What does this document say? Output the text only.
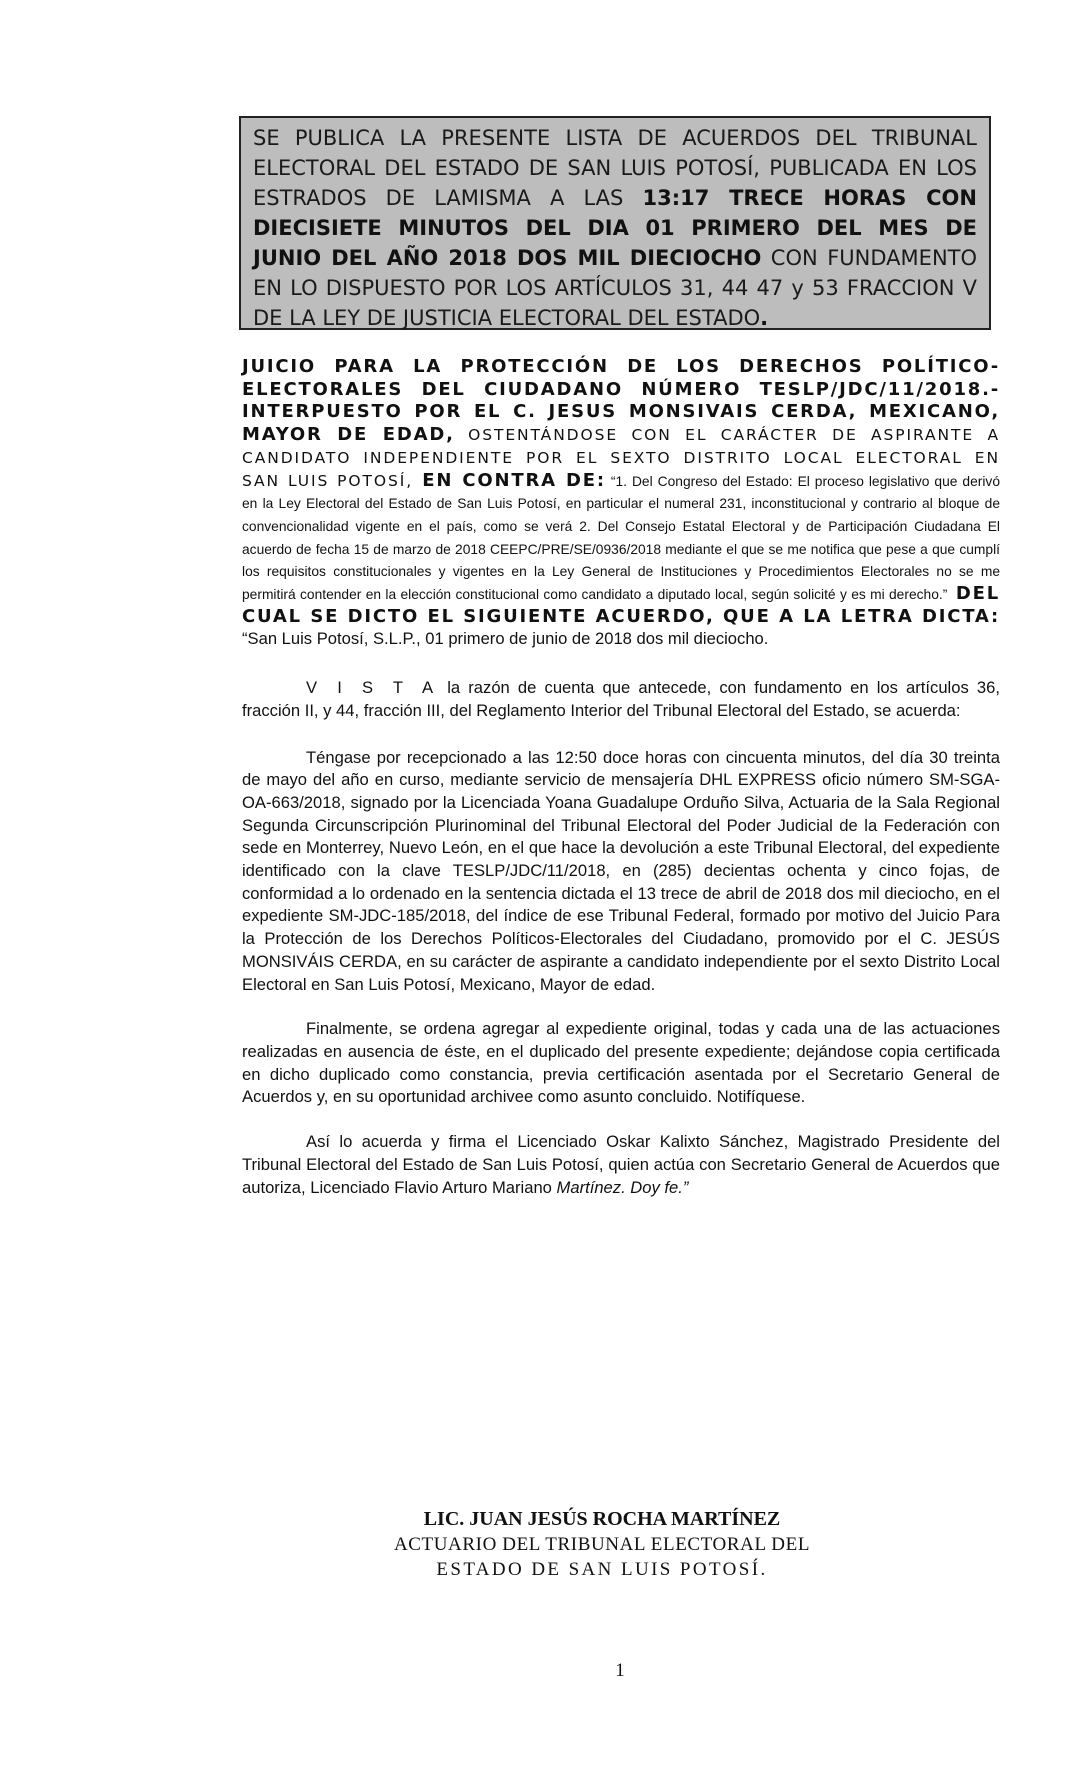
SE PUBLICA LA PRESENTE LISTA DE ACUERDOS DEL TRIBUNAL ELECTORAL DEL ESTADO DE SAN LUIS POTOSÍ, PUBLICADA EN LOS ESTRADOS DE LAMISMA A LAS 13:17 TRECE HORAS CON DIECISIETE MINUTOS DEL DIA 01 PRIMERO DEL MES DE JUNIO DEL AÑO 2018 DOS MIL DIECIOCHO CON FUNDAMENTO EN LO DISPUESTO POR LOS ARTÍCULOS 31, 44 47 y 53 FRACCION V DE LA LEY DE JUSTICIA ELECTORAL DEL ESTADO.

JUICIO PARA LA PROTECCIÓN DE LOS DERECHOS POLÍTICO-ELECTORALES DEL CIUDADANO NÚMERO TESLP/JDC/11/2018.- INTERPUESTO POR EL C. JESUS MONSIVAIS CERDA, MEXICANO, MAYOR DE EDAD, OSTENTÁNDOSE CON EL CARÁCTER DE ASPIRANTE A CANDIDATO INDEPENDIENTE POR EL SEXTO DISTRITO LOCAL ELECTORAL EN SAN LUIS POTOSÍ, EN CONTRA DE: “1. Del Congreso del Estado: El proceso legislativo que derivó en la Ley Electoral del Estado de San Luis Potosí, en particular el numeral 231, inconstitucional y contrario al bloque de convencionalidad vigente en el país, como se verá 2. Del Consejo Estatal Electoral y de Participación Ciudadana El acuerdo de fecha 15 de marzo de 2018 CEEPC/PRE/SE/0936/2018 mediante el que se me notifica que pese a que cumplí los requisitos constitucionales y vigentes en la Ley General de Instituciones y Procedimientos Electorales no se me permitirá contender en la elección constitucional como candidato a diputado local, según solicité y es mi derecho.” DEL CUAL SE DICTO EL SIGUIENTE ACUERDO, QUE A LA LETRA DICTA: “San Luis Potosí, S.L.P., 01 primero de junio de 2018 dos mil dieciocho.

V I S T A la razón de cuenta que antecede, con fundamento en los artículos 36, fracción II, y 44, fracción III, del Reglamento Interior del Tribunal Electoral del Estado, se acuerda:

Téngase por recepcionado a las 12:50 doce horas con cincuenta minutos, del día 30 treinta de mayo del año en curso, mediante servicio de mensajería DHL EXPRESS oficio número SM-SGA-OA-663/2018, signado por la Licenciada Yoana Guadalupe Orduño Silva, Actuaria de la Sala Regional Segunda Circunscripción Plurinominal del Tribunal Electoral del Poder Judicial de la Federación con sede en Monterrey, Nuevo León, en el que hace la devolución a este Tribunal Electoral, del expediente identificado con la clave TESLP/JDC/11/2018, en (285) decientas ochenta y cinco fojas, de conformidad a lo ordenado en la sentencia dictada el 13 trece de abril de 2018 dos mil dieciocho, en el expediente SM-JDC-185/2018, del índice de ese Tribunal Federal, formado por motivo del Juicio Para la Protección de los Derechos Políticos-Electorales del Ciudadano, promovido por el C. JESÚS MONSIVÁIS CERDA, en su carácter de aspirante a candidato independiente por el sexto Distrito Local Electoral en San Luis Potosí, Mexicano, Mayor de edad.

Finalmente, se ordena agregar al expediente original, todas y cada una de las actuaciones realizadas en ausencia de éste, en el duplicado del presente expediente; dejándose copia certificada en dicho duplicado como constancia, previa certificación asentada por el Secretario General de Acuerdos y, en su oportunidad archivee como asunto concluido. Notifíquese.

Así lo acuerda y firma el Licenciado Oskar Kalixto Sánchez, Magistrado Presidente del Tribunal Electoral del Estado de San Luis Potosí, quien actúa con Secretario General de Acuerdos que autoriza, Licenciado Flavio Arturo Mariano Martínez. Doy fe.”

LIC. JUAN JESÚS ROCHA MARTÍNEZ
ACTUARIO DEL TRIBUNAL ELECTORAL DEL
ESTADO DE SAN LUIS POTOSÍ.
1
